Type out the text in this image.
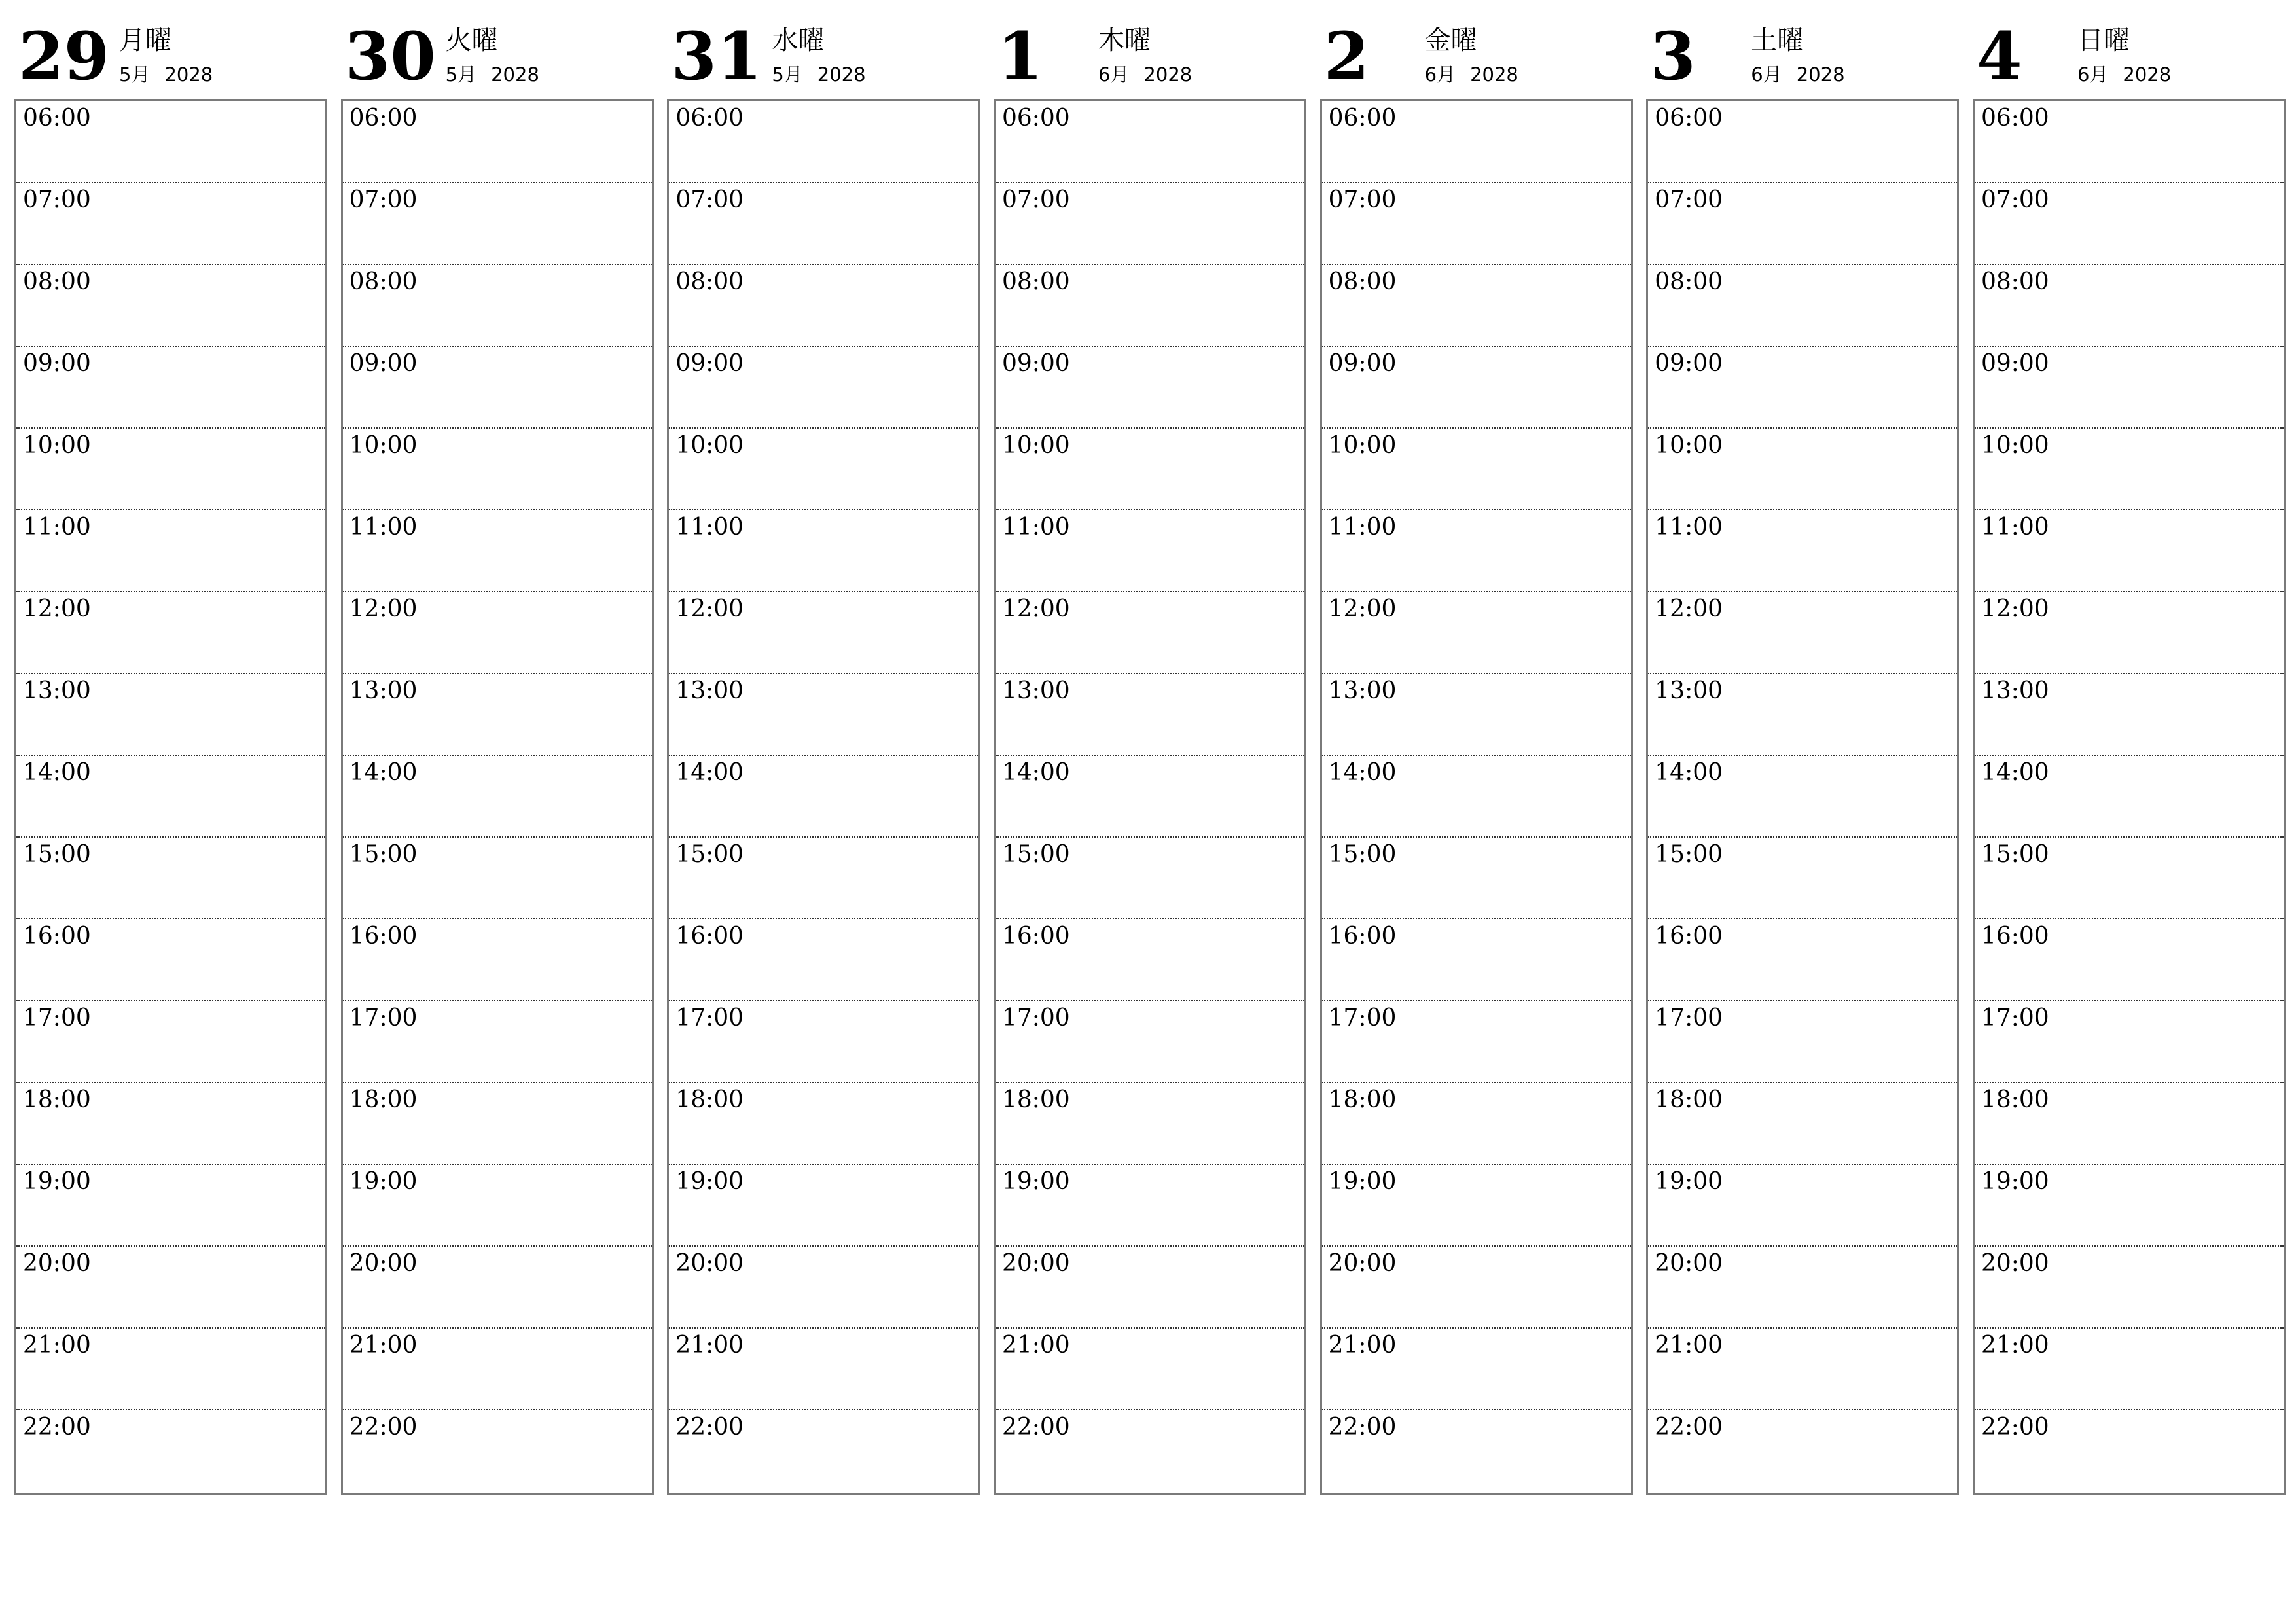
29 月曜
5月 2028
06:00
07:00
08:00
09:00
10:00
11:00
12:00
13:00
14:00
15:00
16:00
17:00
18:00
19:00
20:00
21:00
22:00
30 火曜
5月 2028
06:00
07:00
08:00
09:00
10:00
11:00
12:00
13:00
14:00
15:00
16:00
17:00
18:00
19:00
20:00
21:00
22:00
31 水曜
5月 2028
06:00
07:00
08:00
09:00
10:00
11:00
12:00
13:00
14:00
15:00
16:00
17:00
18:00
19:00
20:00
21:00
22:00
1 木曜
6月 2028
06:00
07:00
08:00
09:00
10:00
11:00
12:00
13:00
14:00
15:00
16:00
17:00
18:00
19:00
20:00
21:00
22:00
2 金曜
6月 2028
06:00
07:00
08:00
09:00
10:00
11:00
12:00
13:00
14:00
15:00
16:00
17:00
18:00
19:00
20:00
21:00
22:00
3 土曜
6月 2028
06:00
07:00
08:00
09:00
10:00
11:00
12:00
13:00
14:00
15:00
16:00
17:00
18:00
19:00
20:00
21:00
22:00
4 日曜
6月 2028
06:00
07:00
08:00
09:00
10:00
11:00
12:00
13:00
14:00
15:00
16:00
17:00
18:00
19:00
20:00
21:00
22:00
